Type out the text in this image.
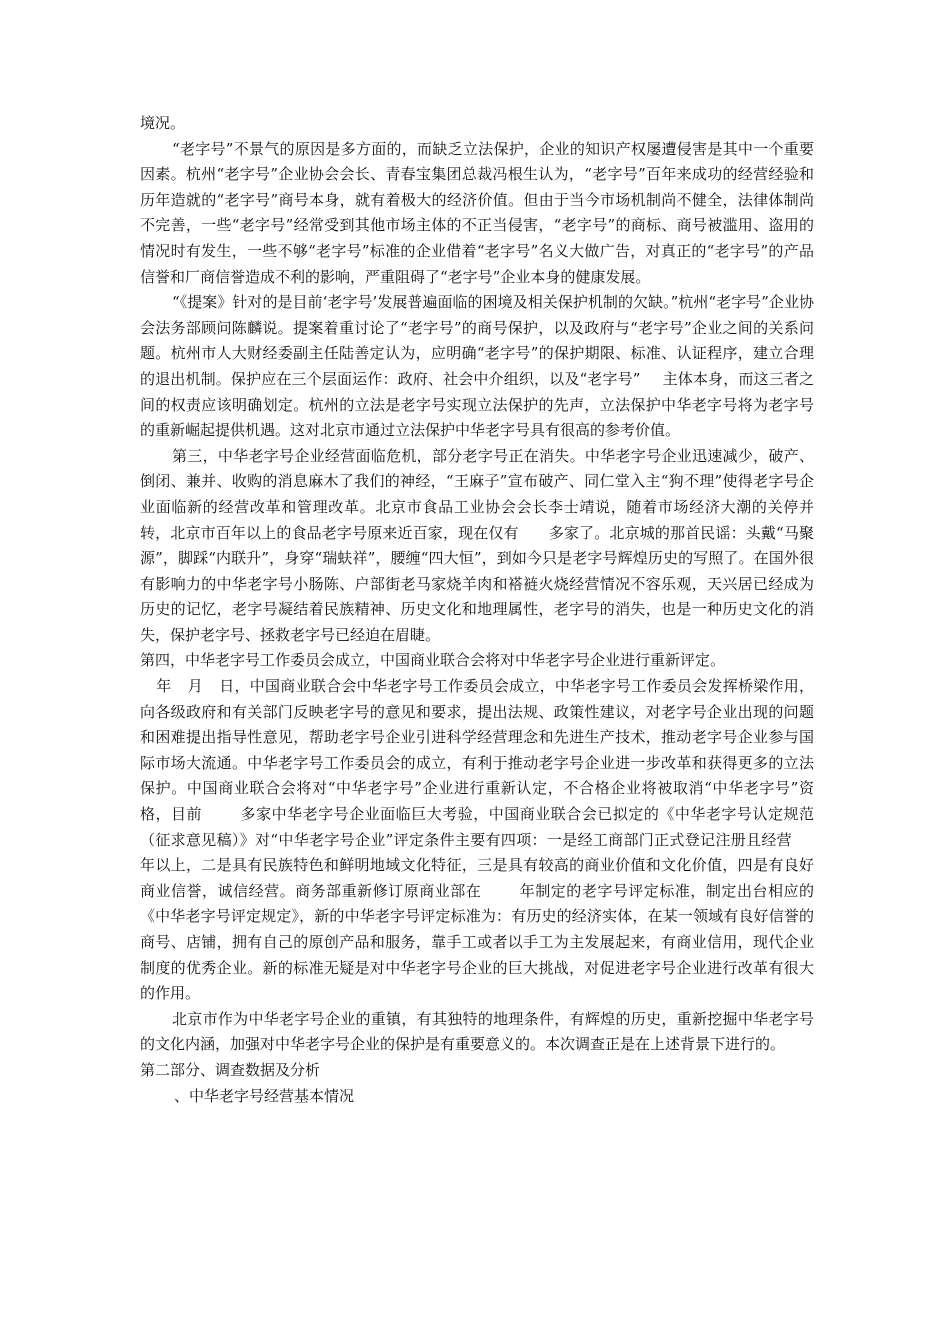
境况。

“老字号”不景气的原因是多方面的，而缺乏立法保护，企业的知识产权屡遭侵害是其中一个重要因素。杭州“老字号”企业协会会长、青春宝集团总裁冯根生认为，“老字号”百年来成功的经营经验和历年造就的“老字号”商号本身，就有着极大的经济价值。但由于当今市场机制尚不健全，法律体制尚不完善，一些“老字号”经常受到其他市场主体的不正当侵害，“老字号”的商标、商号被滥用、盗用的情况时有发生，一些不够“老字号”标准的企业借着“老字号”名义大做广告，对真正的“老字号”的产品信誉和厂商信誉造成不利的影响，严重阻碍了“老字号”企业本身的健康发展。

“《提案》针对的是目前‘老字号’发展普遍面临的困境及相关保护机制的欠缺。”杭州“老字号”企业协会法务部顾问陈麟说。提案着重讨论了“老字号”的商号保护，以及政府与“老字号”企业之间的关系问题。杭州市人大财经委副主任陆善定认为，应明确“老字号”的保护期限、标准、认证程序，建立合理的退出机制。保护应在三个层面运作：政府、社会中介组织，以及“老字号” 主体本身，而这三者之间的权责应该明确划定。杭州的立法是老字号实现立法保护的先声，立法保护中华老字号将为老字号的重新崛起提供机遇。这对北京市通过立法保护中华老字号具有很高的参考价值。

第三，中华老字号企业经营面临危机，部分老字号正在消失。中华老字号企业迅速减少，破产、倒闭、兼并、收购的消息麻木了我们的神经，“王麻子”宣布破产、同仁堂入主“狗不理”使得老字号企业面临新的经营改革和管理改革。北京市食品工业协会会长李士靖说，随着市场经济大潮的关停并转，北京市百年以上的食品老字号原来近百家，现在仅有 多家了。北京城的那首民谣：头戴“马聚源”，脚踩“内联升”，身穿“瑞蚨祥”，腰缠“四大恒”，到如今只是老字号辉煌历史的写照了。在国外很有影响力的中华老字号小肠陈、户部街老马家烧羊肉和褡裢火烧经营情况不容乐观，天兴居已经成为历史的记忆，老字号凝结着民族精神、历史文化和地理属性，老字号的消失，也是一种历史文化的消失，保护老字号、拯救老字号已经迫在眉睫。

第四，中华老字号工作委员会成立，中国商业联合会将对中华老字号企业进行重新评定。

年 月 日，中国商业联合会中华老字号工作委员会成立，中华老字号工作委员会发挥桥梁作用，向各级政府和有关部门反映老字号的意见和要求，提出法规、政策性建议，对老字号企业出现的问题和困难提出指导性意见，帮助老字号企业引进科学经营理念和先进生产技术，推动老字号企业参与国际市场大流通。中华老字号工作委员会的成立，有利于推动老字号企业进一步改革和获得更多的立法保护。中国商业联合会将对“中华老字号”企业进行重新认定，不合格企业将被取消“中华老字号”资格，目前	多家中华老字号企业面临巨大考验，中国商业联合会已拟定的《中华老字号认定规范（征求意见稿）》对“中华老字号企业”评定条件主要有四项：一是经工商部门正式登记注册且经营年以上，二是具有民族特色和鲜明地域文化特征，三是具有较高的商业价值和文化价值，四是有良好商业信誉，诚信经营。商务部重新修订原商业部在	年制定的老字号评定标准，制定出台相应的《中华老字号评定规定》，新的中华老字号评定标准为：有历史的经济实体，在某一领域有良好信誉的商号、店铺，拥有自己的原创产品和服务，靠手工或者以手工为主发展起来，有商业信用，现代企业制度的优秀企业。新的标准无疑是对中华老字号企业的巨大挑战，对促进老字号企业进行改革有很大的作用。

北京市作为中华老字号企业的重镇，有其独特的地理条件，有辉煌的历史，重新挖掘中华老字号的文化内涵，加强对中华老字号企业的保护是有重要意义的。本次调查正是在上述背景下进行的。

第二部分、调查数据及分析

、中华老字号经营基本情况
